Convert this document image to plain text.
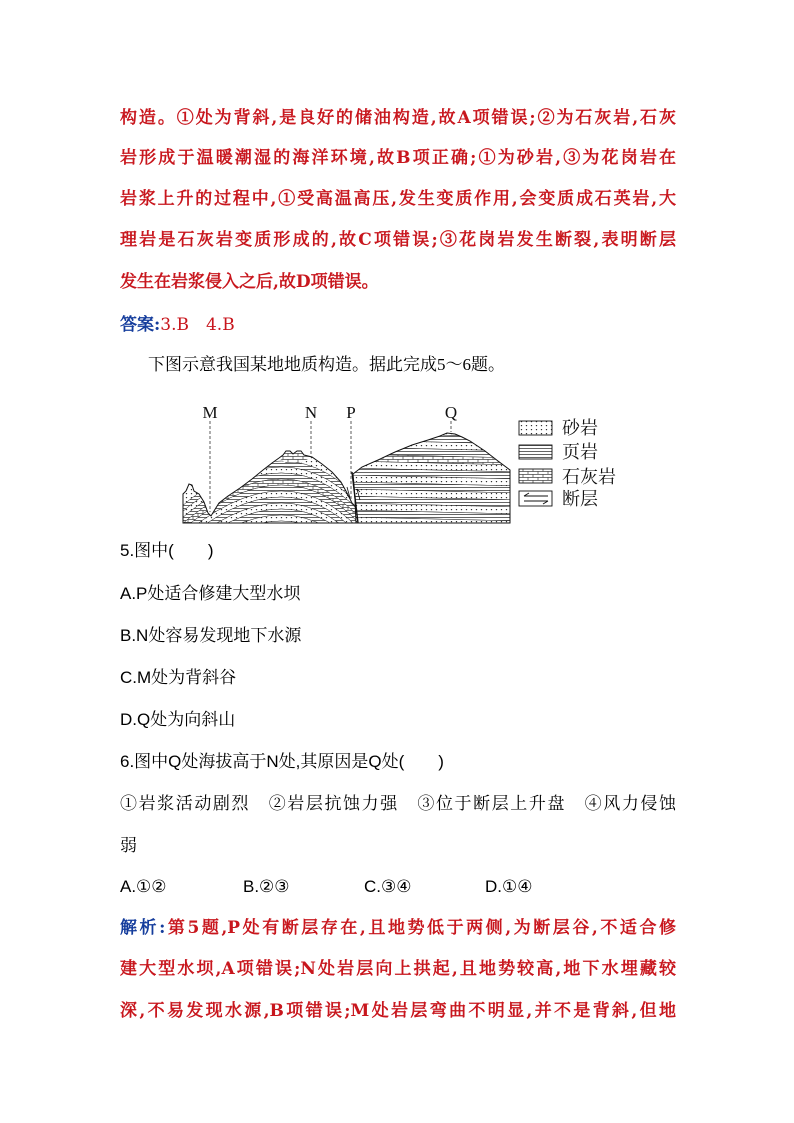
构造。①处为背斜,是良好的储油构造,故A项错误;②为石灰岩,石灰
岩形成于温暖潮湿的海洋环境,故B项正确;①为砂岩,③为花岗岩在
岩浆上升的过程中,①受高温高压,发生变质作用,会变质成石英岩,大
理岩是石灰岩变质形成的,故C项错误;③花岗岩发生断裂,表明断层
发生在岩浆侵入之后,故D项错误。
答案:3.B　4.B
下图示意我国某地地质构造。据此完成5～6题。
M	N P	Q
砂岩
页岩
石灰岩
断层
5.图中(　　)
A.P处适合修建大型水坝
B.N处容易发现地下水源
C.M处为背斜谷
D.Q处为向斜山
6.图中Q处海拔高于N处,其原因是Q处(　　)
①岩浆活动剧烈　②岩层抗蚀力强　③位于断层上升盘　④风力侵蚀
弱
A.①②	B.②③	C.③④	D.①④
解析:第5题,P处有断层存在,且地势低于两侧,为断层谷,不适合修
建大型水坝,A项错误;N处岩层向上拱起,且地势较高,地下水埋藏较
深,不易发现水源,B项错误;M处岩层弯曲不明显,并不是背斜,但地
